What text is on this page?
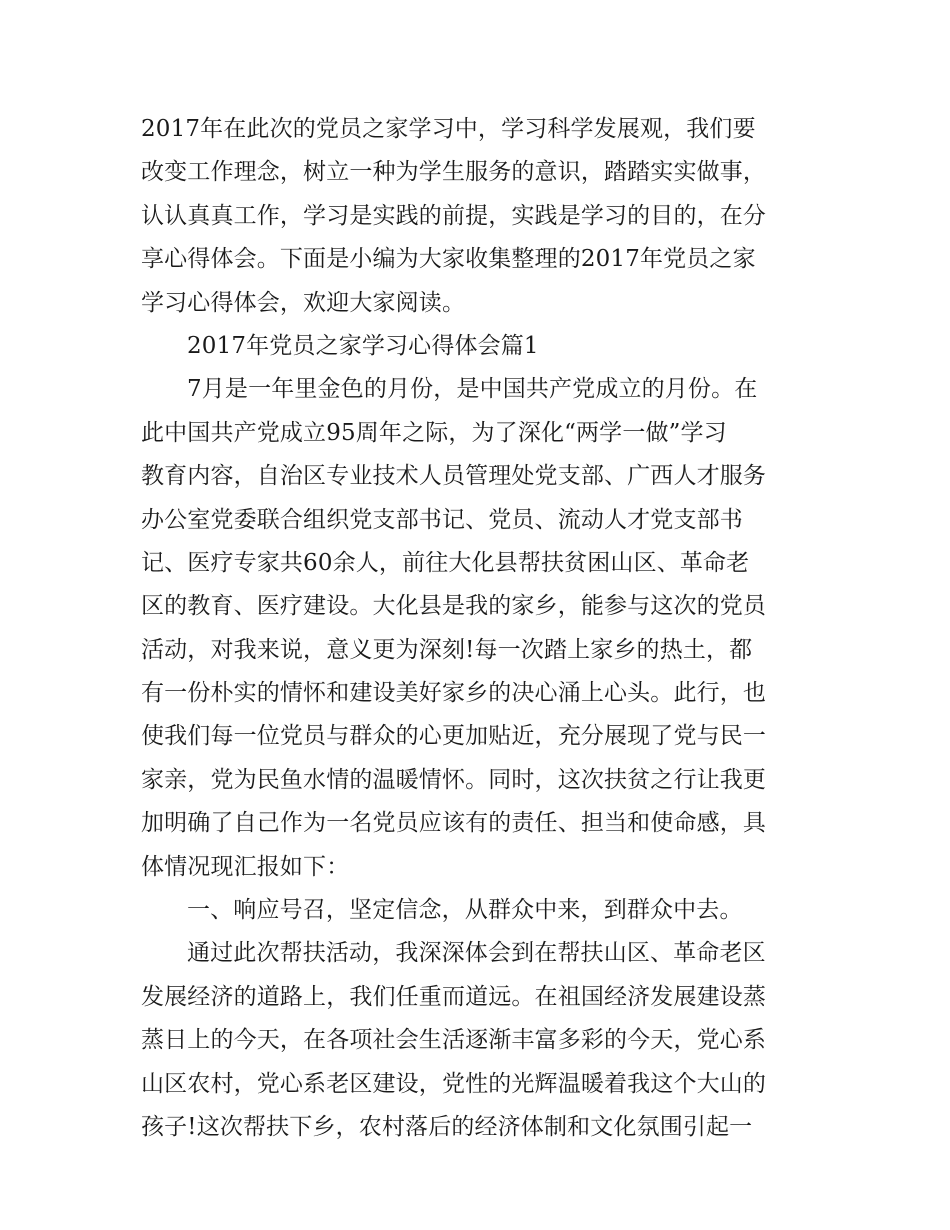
2017年在此次的党员之家学习中，学习科学发展观，我们要
改变工作理念，树立一种为学生服务的意识，踏踏实实做事，
认认真真工作，学习是实践的前提，实践是学习的目的，在分
享心得体会。下面是小编为大家收集整理的2017年党员之家
学习心得体会，欢迎大家阅读。
2017年党员之家学习心得体会篇1
7月是一年里金色的月份，是中国共产党成立的月份。在
此中国共产党成立95周年之际，为了深化“两学一做”学习
教育内容，自治区专业技术人员管理处党支部、广西人才服务
办公室党委联合组织党支部书记、党员、流动人才党支部书
记、医疗专家共60余人，前往大化县帮扶贫困山区、革命老
区的教育、医疗建设。大化县是我的家乡，能参与这次的党员
活动，对我来说，意义更为深刻!每一次踏上家乡的热土，都
有一份朴实的情怀和建设美好家乡的决心涌上心头。此行，也
使我们每一位党员与群众的心更加贴近，充分展现了党与民一
家亲，党为民鱼水情的温暖情怀。同时，这次扶贫之行让我更
加明确了自己作为一名党员应该有的责任、担当和使命感，具
体情况现汇报如下：
一、响应号召，坚定信念，从群众中来，到群众中去。
通过此次帮扶活动，我深深体会到在帮扶山区、革命老区
发展经济的道路上，我们任重而道远。在祖国经济发展建设蒸
蒸日上的今天，在各项社会生活逐渐丰富多彩的今天，党心系
山区农村，党心系老区建设，党性的光辉温暖着我这个大山的
孩子!这次帮扶下乡，农村落后的经济体制和文化氛围引起一
